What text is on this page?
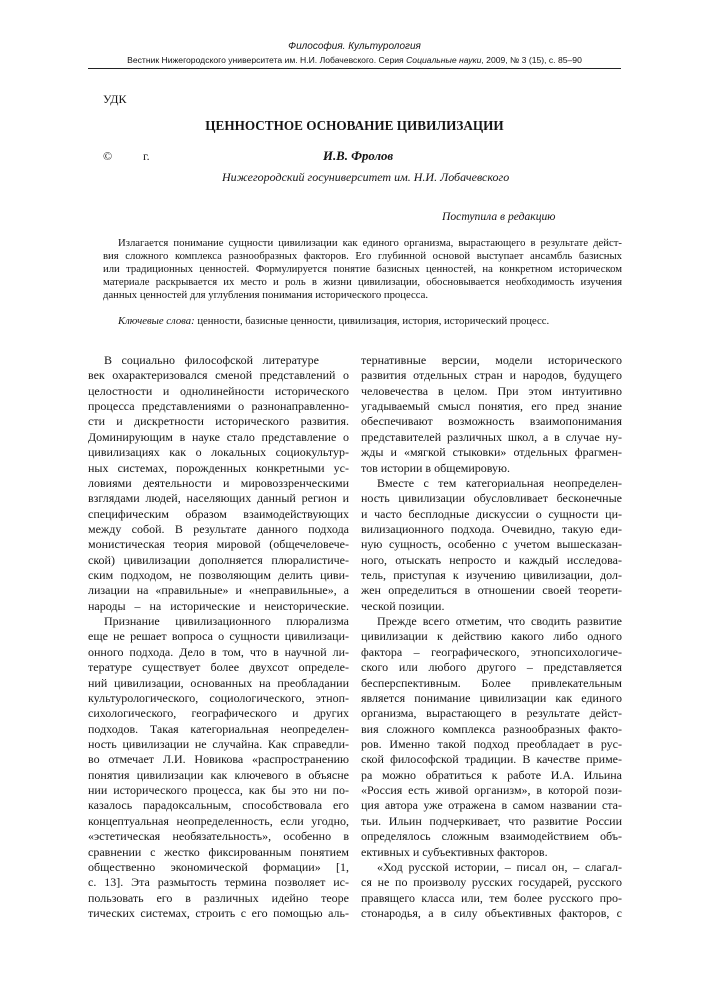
Философия. Культурология
Вестник Нижегородского университета им. Н.И. Лобачевского. Серия Социальные науки, 2009, № 3 (15), с. 85–90
УДК
ЦЕННОСТНОЕ ОСНОВАНИЕ ЦИВИЛИЗАЦИИ
©	г.	И.В. Фролов
Нижегородский госуниверситет им. Н.И. Лобачевского
Поступила в редакцию
Излагается понимание сущности цивилизации как единого организма, вырастающего в результате дейст-
вия сложного комплекса разнообразных факторов. Его глубинной основой выступает ансамбль базисных
или традиционных ценностей. Формулируется понятие базисных ценностей, на конкретном историческом
материале раскрывается их место и роль в жизни цивилизации, обосновывается необходимость изучения
данных ценностей для углубления понимания исторического процесса.
Ключевые слова: ценности, базисные ценности, цивилизация, история, исторический процесс.
В социально философской литературе
век охарактеризовался сменой представлений о
целостности и однолинейности исторического
процесса представлениями о разнонаправленно-
сти и дискретности исторического развития.
Доминирующим в науке стало представление о
цивилизациях как о локальных социокультур-
ных системах, порожденных конкретными ус-
ловиями деятельности и мировоззренческими
взглядами людей, населяющих данный регион и
специфическим образом взаимодействующих
между собой. В результате данного подхода
монистическая теория мировой (общечеловече-
ской) цивилизации дополняется плюралистиче-
ским подходом, не позволяющим делить циви-
лизации на «правильные» и «неправильные», а
народы – на исторические и неисторические.
Признание цивилизационного плюрализма
еще не решает вопроса о сущности цивилизаци-
онного подхода. Дело в том, что в научной ли-
тературе существует более двухсот определе-
ний цивилизации, основанных на преобладании
культурологического, социологического, этноп-
сихологического, географического и других
подходов. Такая категориальная неопределен-
ность цивилизации не случайна. Как справедли-
во отмечает Л.И. Новикова «распространению
понятия цивилизации как ключевого в объясне
нии исторического процесса, как бы это ни по-
казалось парадоксальным, способствовала его
концептуальная неопределенность, если угодно,
«эстетическая необязательность», особенно в
сравнении с жестко фиксированным понятием
общественно экономической формации» [1,
с. 13]. Эта размытость термина позволяет ис-
пользовать его в различных идейно теоре
тических системах, строить с его помощью аль-
тернативные версии, модели исторического
развития отдельных стран и народов, будущего
человечества в целом. При этом интуитивно
угадываемый смысл понятия, его пред знание
обеспечивают возможность взаимопонимания
представителей различных школ, а в случае ну-
жды и «мягкой стыковки» отдельных фрагмен-
тов истории в общемировую.
Вместе с тем категориальная неопределен-
ность цивилизации обусловливает бесконечные
и часто бесплодные дискуссии о сущности ци-
вилизационного подхода. Очевидно, такую еди-
ную сущность, особенно с учетом вышесказан-
ного, отыскать непросто и каждый исследова-
тель, приступая к изучению цивилизации, дол-
жен определиться в отношении своей теорети-
ческой позиции.
Прежде всего отметим, что сводить развитие
цивилизации к действию какого либо одного
фактора – географического, этнопсихологиче-
ского или любого другого – представляется
бесперспективным. Более привлекательным
является понимание цивилизации как единого
организма, вырастающего в результате дейст-
вия сложного комплекса разнообразных факто-
ров. Именно такой подход преобладает в рус-
ской философской традиции. В качестве приме-
ра можно обратиться к работе И.А. Ильина
«Россия есть живой организм», в которой пози-
ция автора уже отражена в самом названии ста-
тьи. Ильин подчеркивает, что развитие России
определялось сложным взаимодействием объ-
ективных и субъективных факторов.
«Ход русской истории, – писал он, – слагал-
ся не по произволу русских государей, русского
правящего класса или, тем более русского про-
стонародья, а в силу объективных факторов, с
